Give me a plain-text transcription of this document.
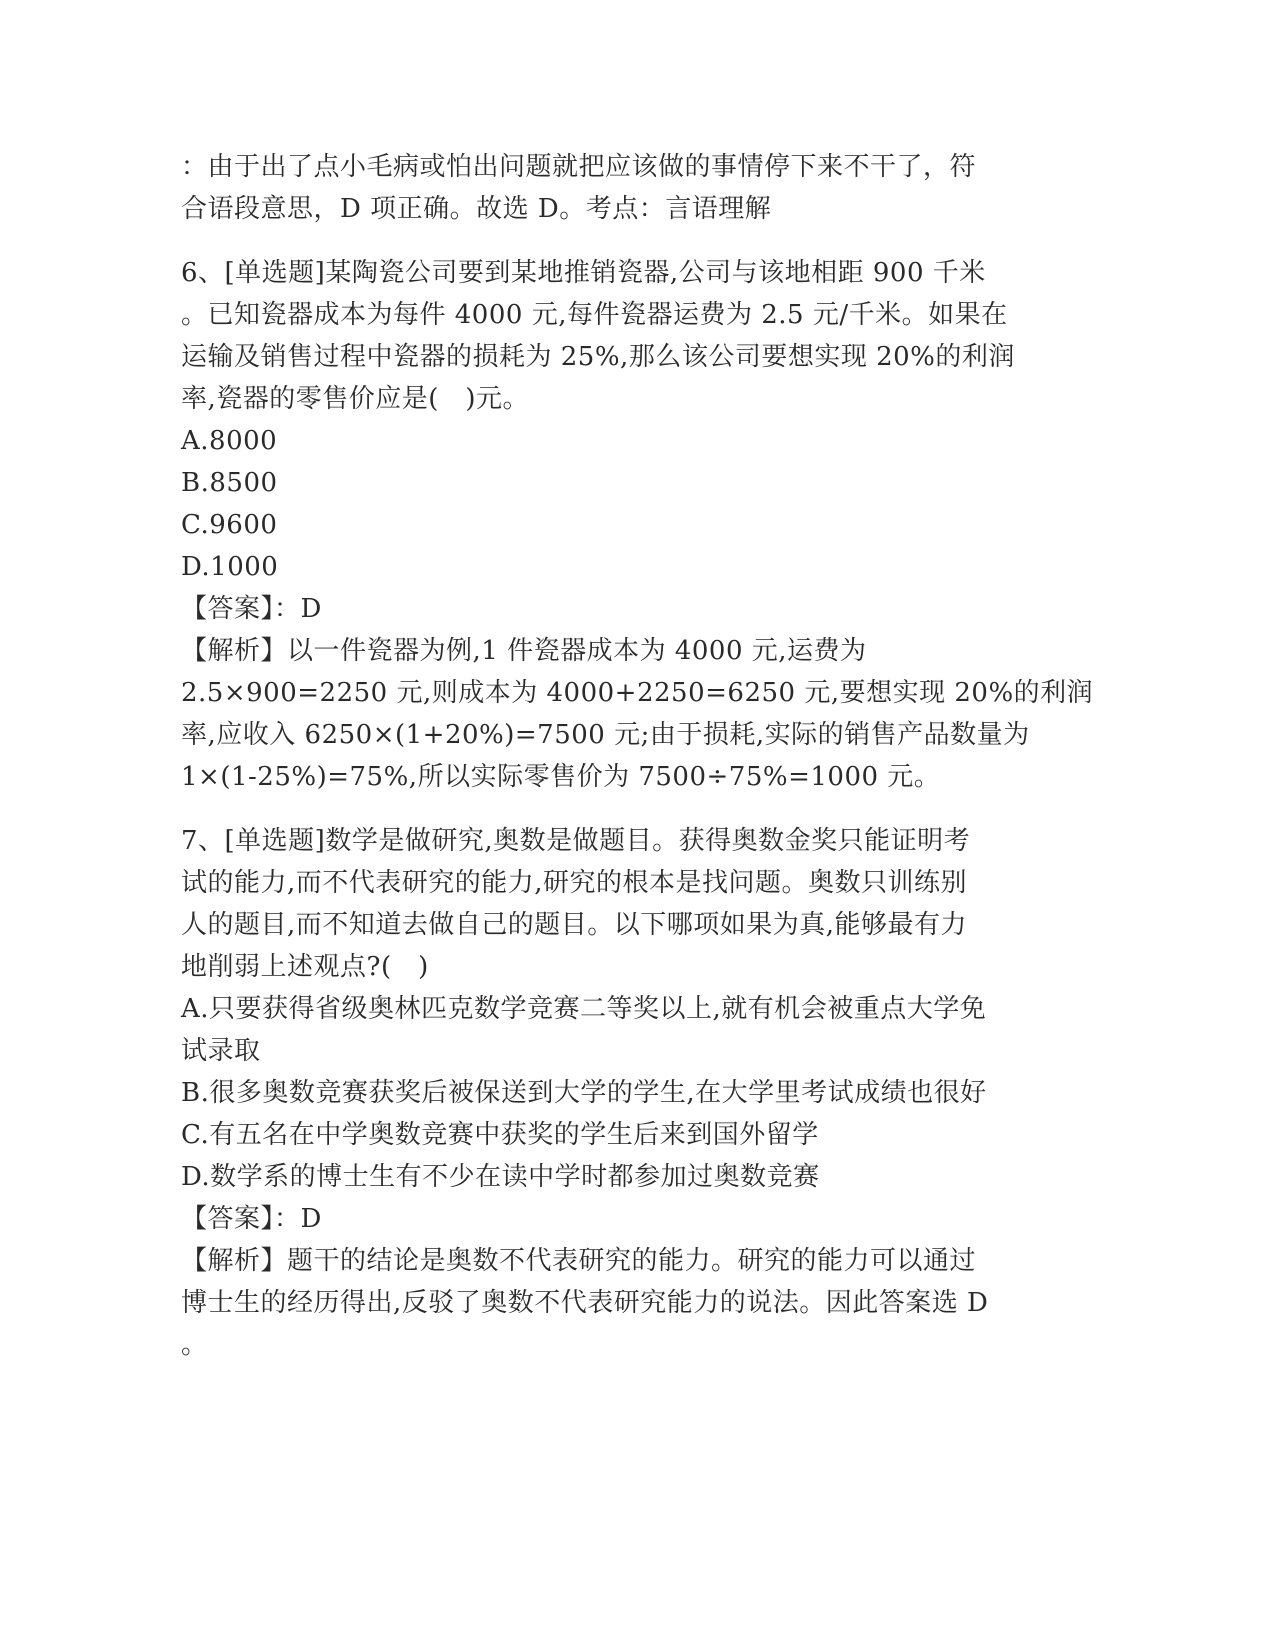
：由于出了点小毛病或怕出问题就把应该做的事情停下来不干了，符
合语段意思，D 项正确。故选 D。考点：言语理解
6、[单选题]某陶瓷公司要到某地推销瓷器,公司与该地相距 900 千米
。已知瓷器成本为每件 4000 元,每件瓷器运费为 2.5 元/千米。如果在
运输及销售过程中瓷器的损耗为 25%,那么该公司要想实现 20%的利润
率,瓷器的零售价应是(　)元。
A.8000
B.8500
C.9600
D.1000
【答案】：D
【解析】以一件瓷器为例,1 件瓷器成本为 4000 元,运费为
2.5×900=2250 元,则成本为 4000+2250=6250 元,要想实现 20%的利润
率,应收入 6250×(1+20%)=7500 元;由于损耗,实际的销售产品数量为
1×(1-25%)=75%,所以实际零售价为 7500÷75%=1000 元。
7、[单选题]数学是做研究,奥数是做题目。获得奥数金奖只能证明考
试的能力,而不代表研究的能力,研究的根本是找问题。奥数只训练别
人的题目,而不知道去做自己的题目。以下哪项如果为真,能够最有力
地削弱上述观点?(　)
A.只要获得省级奥林匹克数学竞赛二等奖以上,就有机会被重点大学免
试录取
B.很多奥数竞赛获奖后被保送到大学的学生,在大学里考试成绩也很好
C.有五名在中学奥数竞赛中获奖的学生后来到国外留学
D.数学系的博士生有不少在读中学时都参加过奥数竞赛
【答案】：D
【解析】题干的结论是奥数不代表研究的能力。研究的能力可以通过
博士生的经历得出,反驳了奥数不代表研究能力的说法。因此答案选 D
。
